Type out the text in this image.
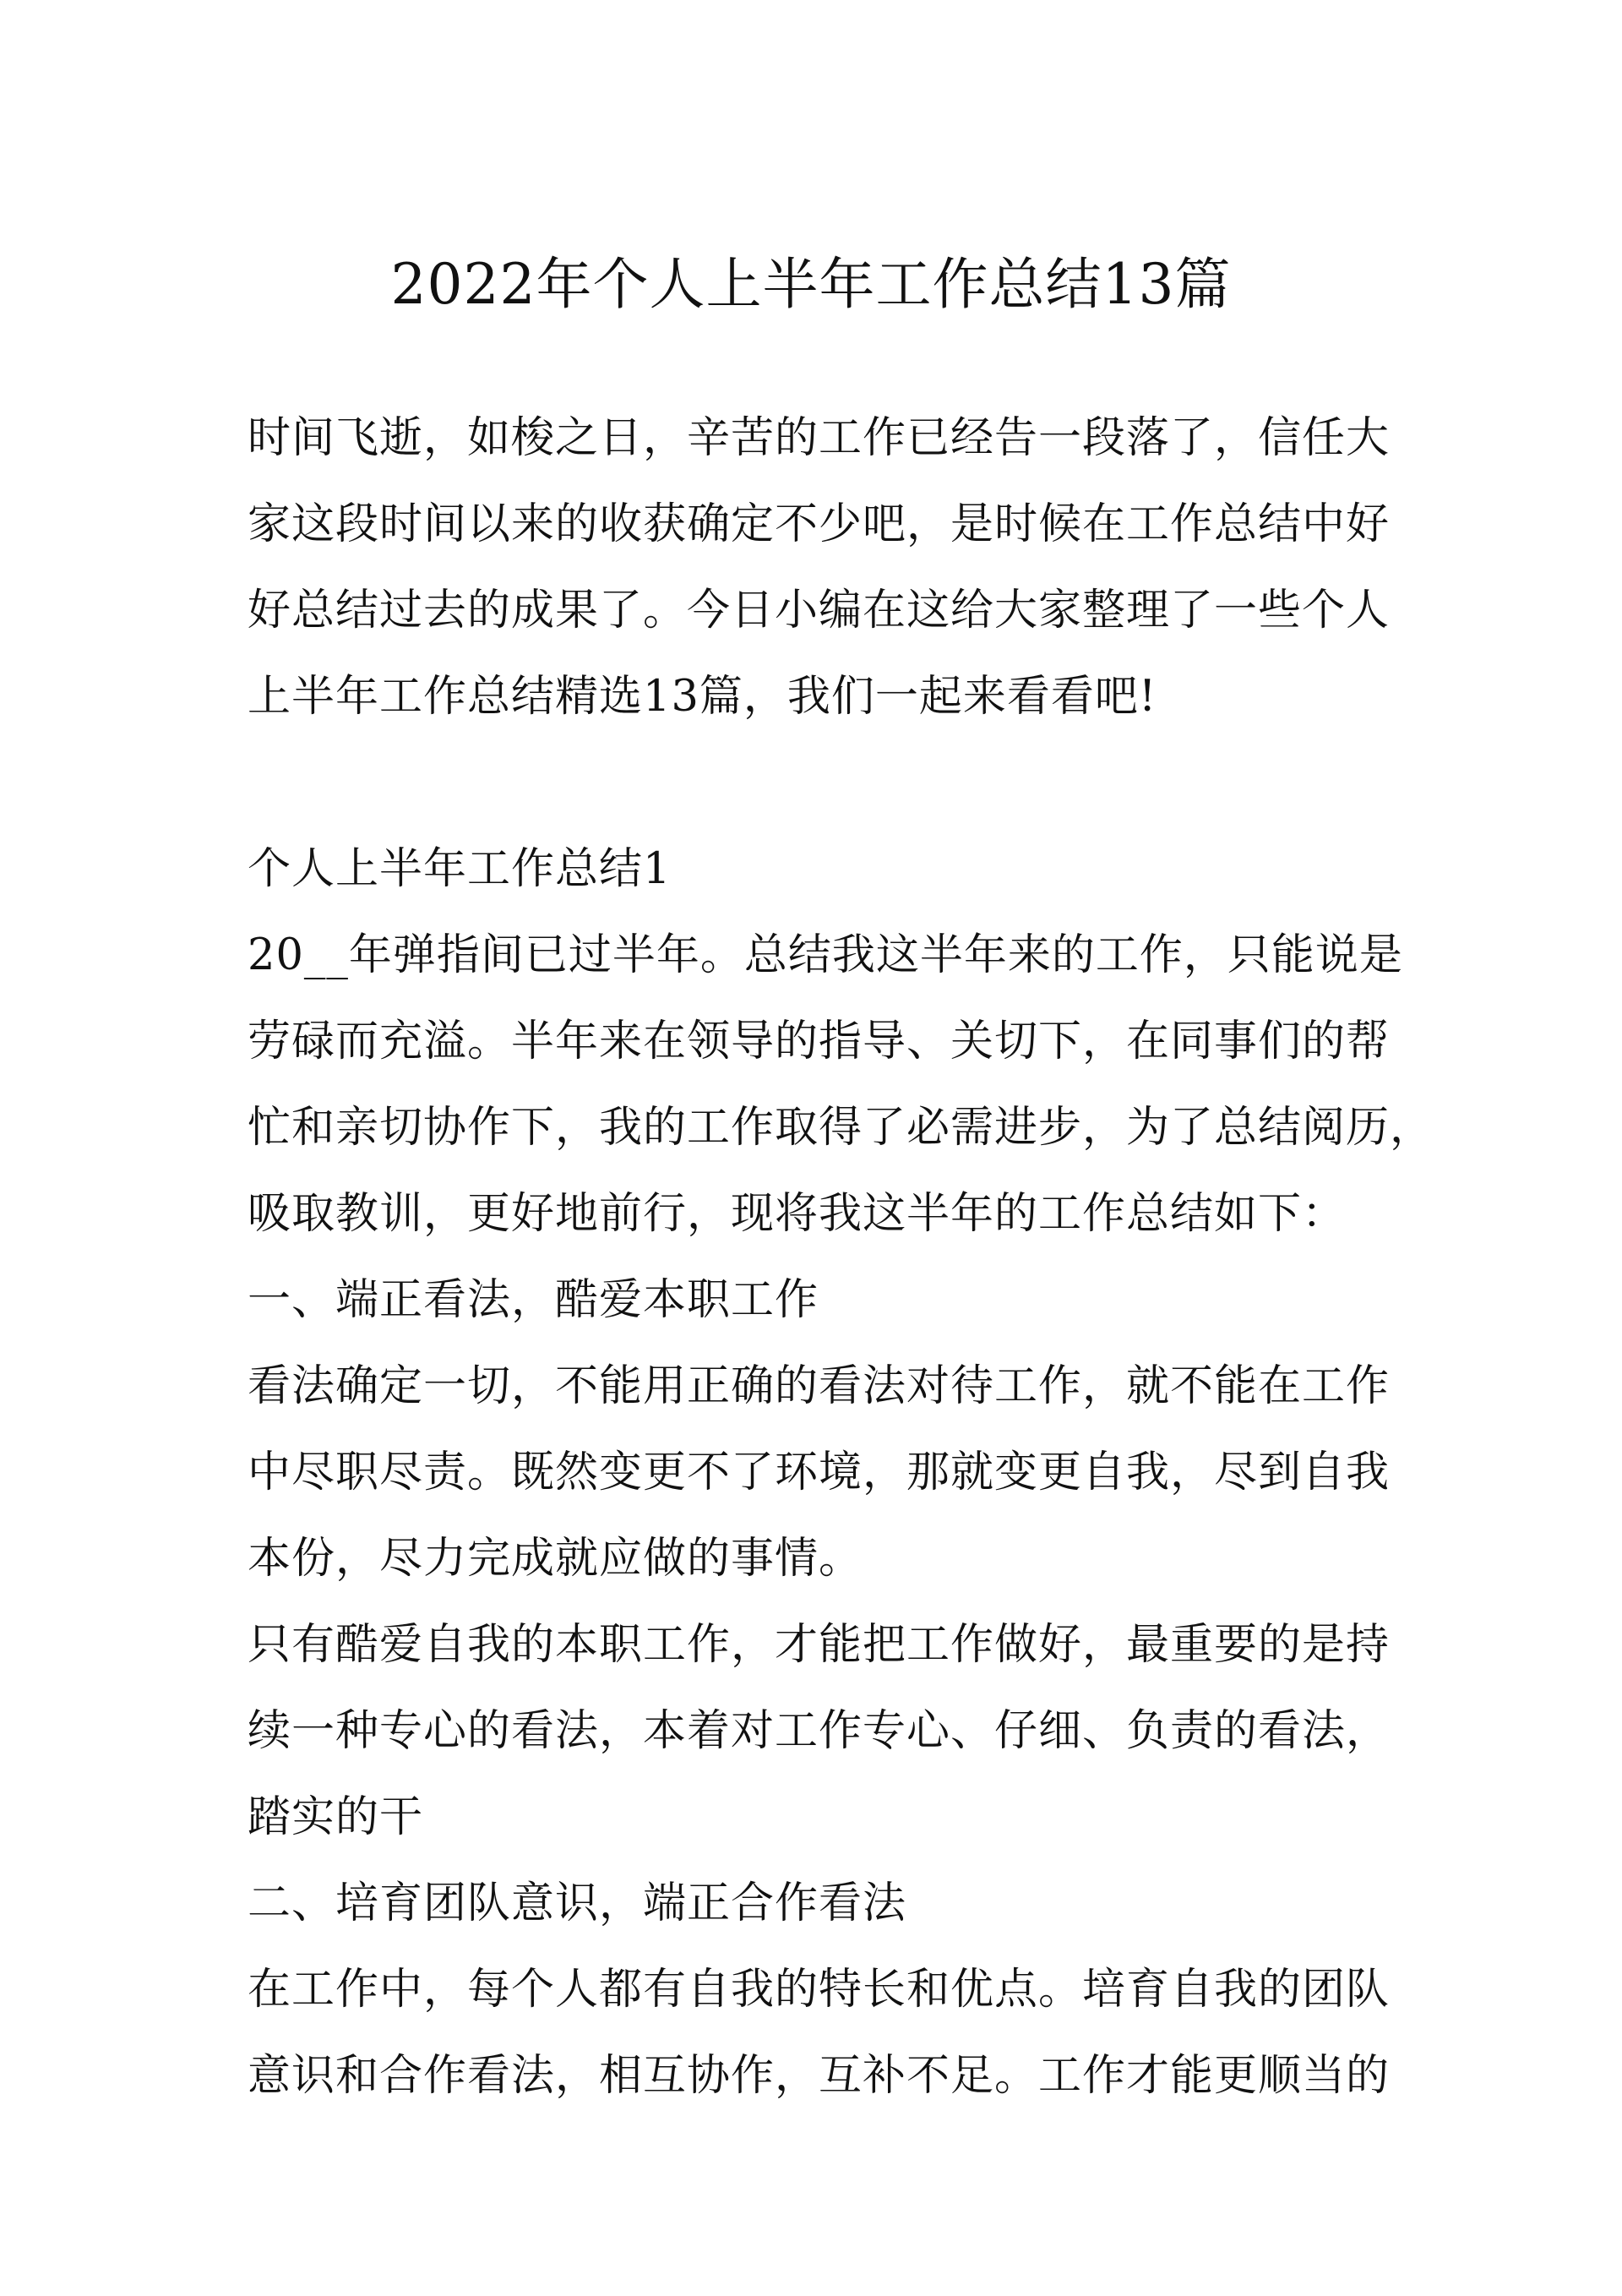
2022年个人上半年工作总结13篇
时间飞逝，如梭之日，辛苦的工作已经告一段落了，信任大
家这段时间以来的收获确定不少吧，是时候在工作总结中好
好总结过去的成果了。今日小编在这给大家整理了一些个人
上半年工作总结精选13篇，我们一起来看看吧!
个人上半年工作总结1
20__年弹指间已过半年。总结我这半年来的工作，只能说是
劳碌而充溢。半年来在领导的指导、关切下，在同事们的帮
忙和亲切协作下，我的工作取得了必需进步，为了总结阅历，
吸取教训，更好地前行，现将我这半年的工作总结如下：
一、端正看法，酷爱本职工作
看法确定一切，不能用正确的看法对待工作，就不能在工作
中尽职尽责。既然变更不了环境，那就变更自我，尽到自我
本份，尽力完成就应做的事情。
只有酷爱自我的本职工作，才能把工作做好，最重要的是持
续一种专心的看法，本着对工作专心、仔细、负责的看法，
踏实的干
二、培育团队意识，端正合作看法
在工作中，每个人都有自我的特长和优点。培育自我的团队
意识和合作看法，相互协作，互补不足。工作才能更顺当的
